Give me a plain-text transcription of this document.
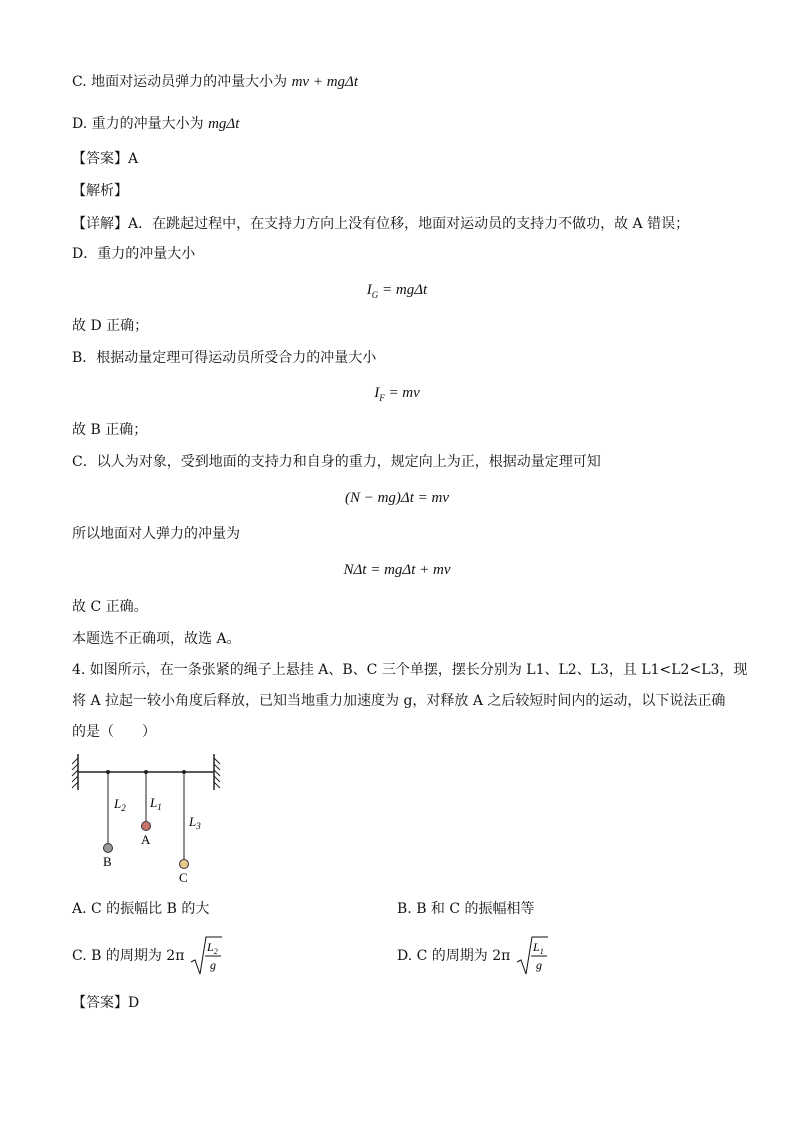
C. 地面对运动员弹力的冲量大小为 mv + mgΔt
D. 重力的冲量大小为 mgΔt
【答案】A
【解析】
【详解】A．在跳起过程中，在支持力方向上没有位移，地面对运动员的支持力不做功，故 A 错误；
D．重力的冲量大小
$I_G = mg\Delta t$
故 D 正确；
B．根据动量定理可得运动员所受合力的冲量大小
$I_F$ = mv
故 B 正确；
C．以人为对象，受到地面的支持力和自身的重力，规定向上为正，根据动量定理可知
(N − mg)Δt = mv
所以地面对人弹力的冲量为
NΔt = mgΔt + mv
故 C 正确。
本题选不正确项，故选 A。
4. 如图所示，在一条张紧的绳子上悬挂 A、B、C 三个单摆，摆长分别为 L1、L2、L3，且 L1<L2<L3，现
将 A 拉起一较小角度后释放，已知当地重力加速度为 g，对释放 A 之后较短时间内的运动，以下说法正确
的是（　　）
$L_2$ $L_1$
$L_3$
B
A
C
A. C 的振幅比 B 的大	B. B 和 C 的振幅相等
C. B 的周期为 2π
$L_2$
g
D. C 的周期为 2π
$L_1$
g
【答案】D
